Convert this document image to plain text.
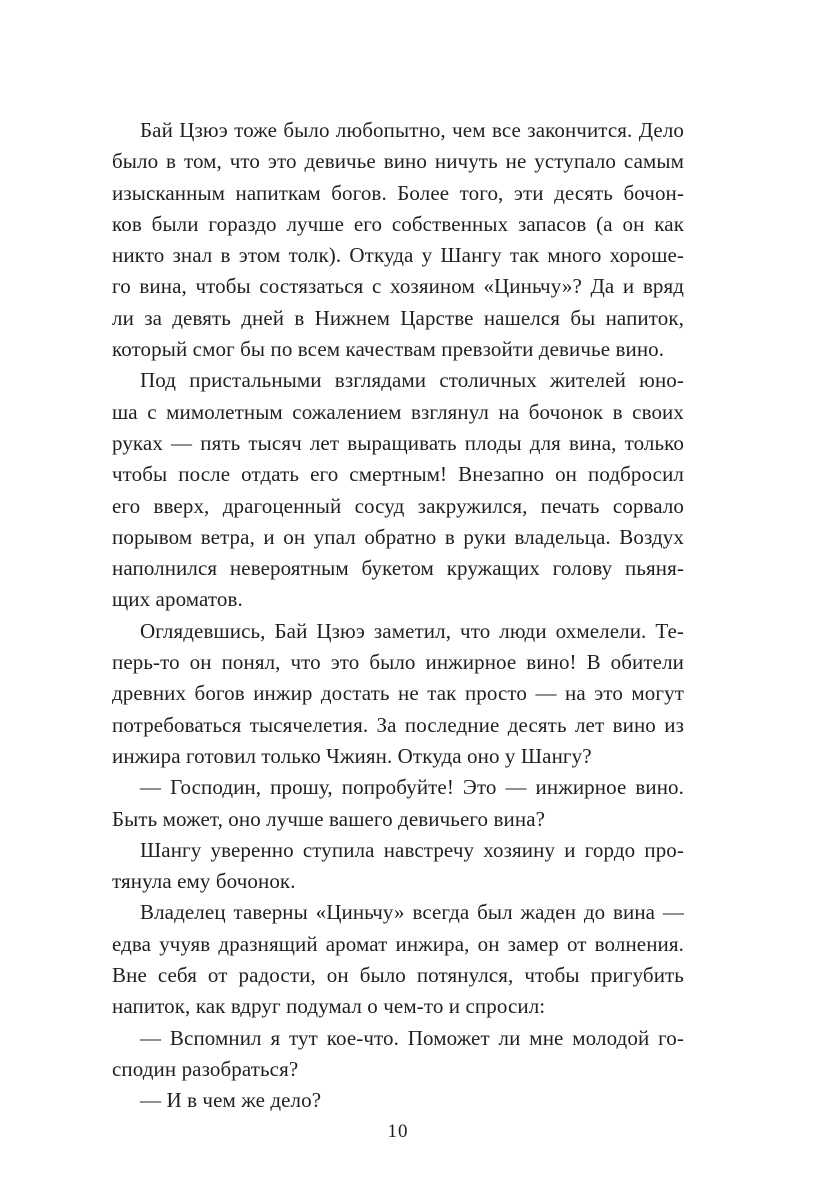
Бай Цзюэ тоже было любопытно, чем все закончится. Дело
было в том, что это девичье вино ничуть не уступало самым
изысканным напиткам богов. Более того, эти десять бочон-
ков были гораздо лучше его собственных запасов (а он как
никто знал в этом толк). Откуда у Шангу так много хороше-
го вина, чтобы состязаться с хозяином «Циньчу»? Да и вряд
ли за девять дней в Нижнем Царстве нашелся бы напиток,
который смог бы по всем качествам превзойти девичье вино.

Под пристальными взглядами столичных жителей юно-
ша с мимолетным сожалением взглянул на бочонок в своих
руках — пять тысяч лет выращивать плоды для вина, только
чтобы после отдать его смертным! Внезапно он подбросил
его вверх, драгоценный сосуд закружился, печать сорвало
порывом ветра, и он упал обратно в руки владельца. Воздух
наполнился невероятным букетом кружащих голову пьяня-
щих ароматов.

Оглядевшись, Бай Цзюэ заметил, что люди охмелели. Те-
перь-то он понял, что это было инжирное вино! В обители
древних богов инжир достать не так просто — на это могут
потребоваться тысячелетия. За последние десять лет вино из
инжира готовил только Чжиян. Откуда оно у Шангу?

— Господин, прошу, попробуйте! Это — инжирное вино.
Быть может, оно лучше вашего девичьего вина?

Шангу уверенно ступила навстречу хозяину и гордо про-
тянула ему бочонок.

Владелец таверны «Циньчу» всегда был жаден до вина —
едва учуяв дразнящий аромат инжира, он замер от волнения.
Вне себя от радости, он было потянулся, чтобы пригубить
напиток, как вдруг подумал о чем-то и спросил:

— Вспомнил я тут кое-что. Поможет ли мне молодой го-
сподин разобраться?

— И в чем же дело?

10
